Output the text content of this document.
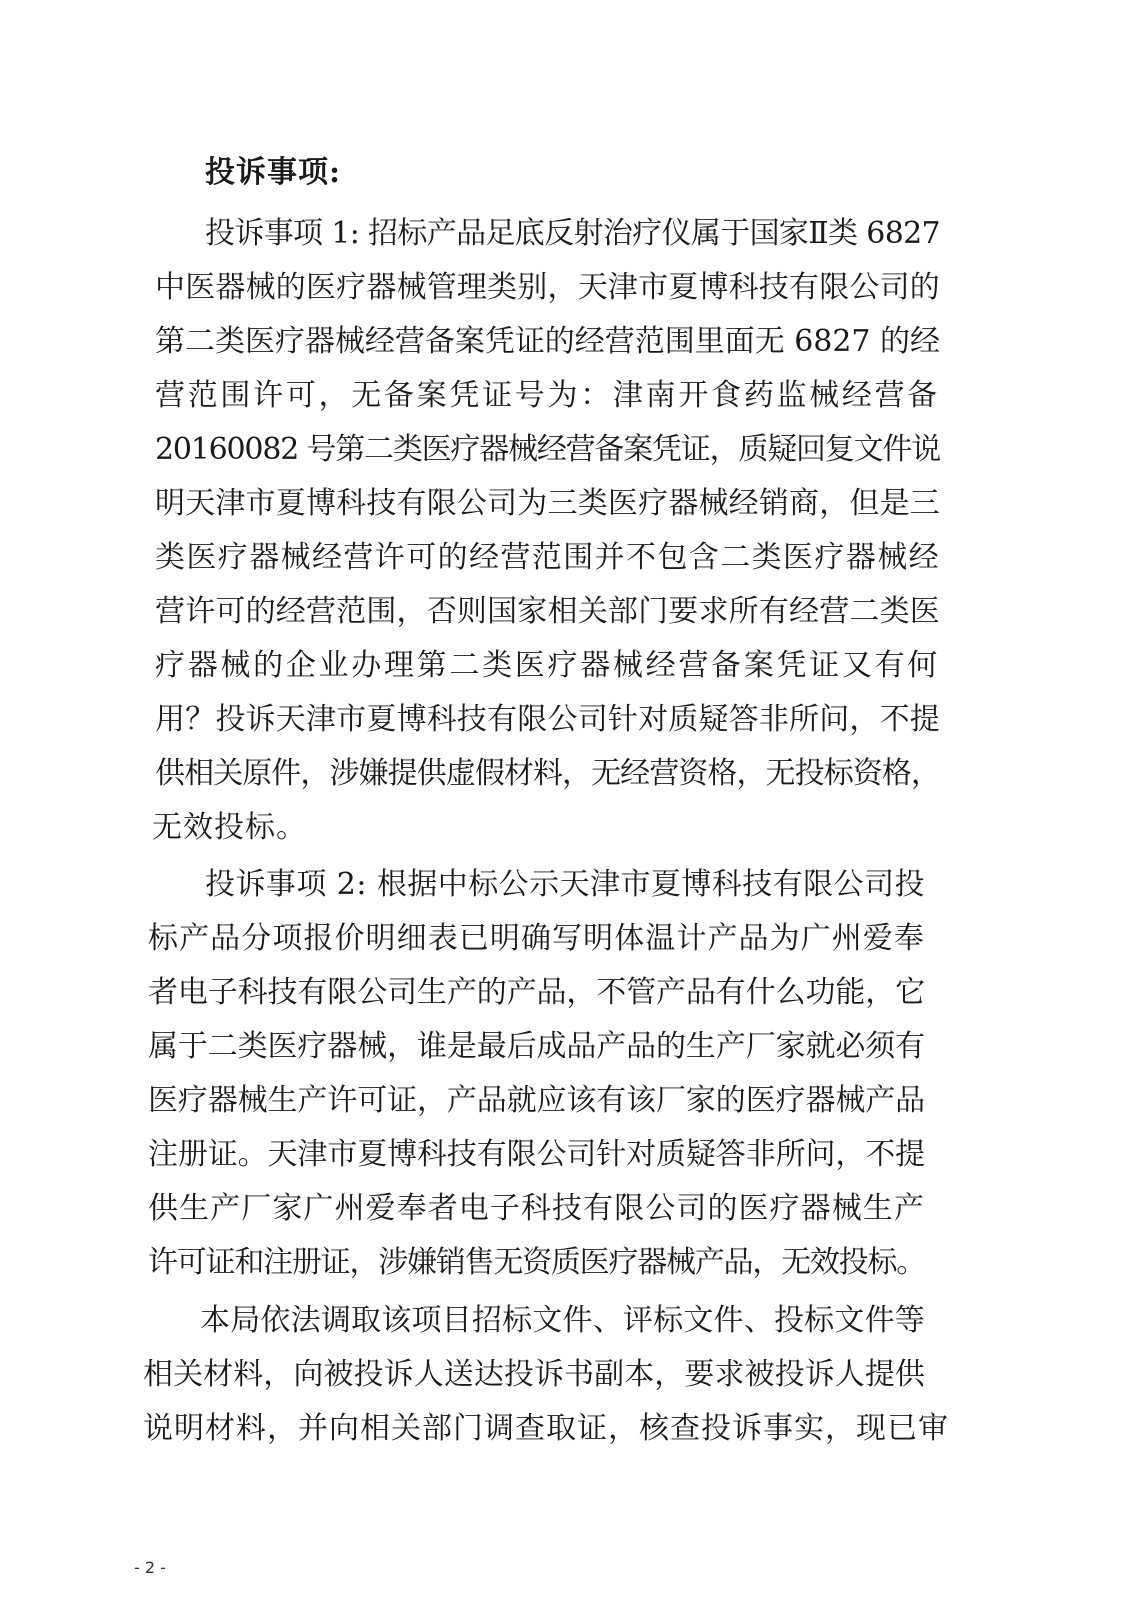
投诉事项:
投诉事项 1: 招标产品足底反射治疗仪属于国家Ⅱ类 6827
中医器械的医疗器械管理类别，天津市夏博科技有限公司的
第二类医疗器械经营备案凭证的经营范围里面无 6827 的经
营范围许可，无备案凭证号为：津南开食药监械经营备
20160082 号第二类医疗器械经营备案凭证，质疑回复文件说
明天津市夏博科技有限公司为三类医疗器械经销商，但是三
类医疗器械经营许可的经营范围并不包含二类医疗器械经
营许可的经营范围，否则国家相关部门要求所有经营二类医
疗器械的企业办理第二类医疗器械经营备案凭证又有何
用？投诉天津市夏博科技有限公司针对质疑答非所问，不提
供相关原件，涉嫌提供虚假材料，无经营资格，无投标资格，
无效投标。
投诉事项 2: 根据中标公示天津市夏博科技有限公司投
标产品分项报价明细表已明确写明体温计产品为广州爱奉
者电子科技有限公司生产的产品，不管产品有什么功能，它
属于二类医疗器械，谁是最后成品产品的生产厂家就必须有
医疗器械生产许可证，产品就应该有该厂家的医疗器械产品
注册证。天津市夏博科技有限公司针对质疑答非所问，不提
供生产厂家广州爱奉者电子科技有限公司的医疗器械生产
许可证和注册证，涉嫌销售无资质医疗器械产品，无效投标。
本局依法调取该项目招标文件、评标文件、投标文件等
相关材料，向被投诉人送达投诉书副本，要求被投诉人提供
说明材料，并向相关部门调查取证，核查投诉事实，现已审
- 2 -
